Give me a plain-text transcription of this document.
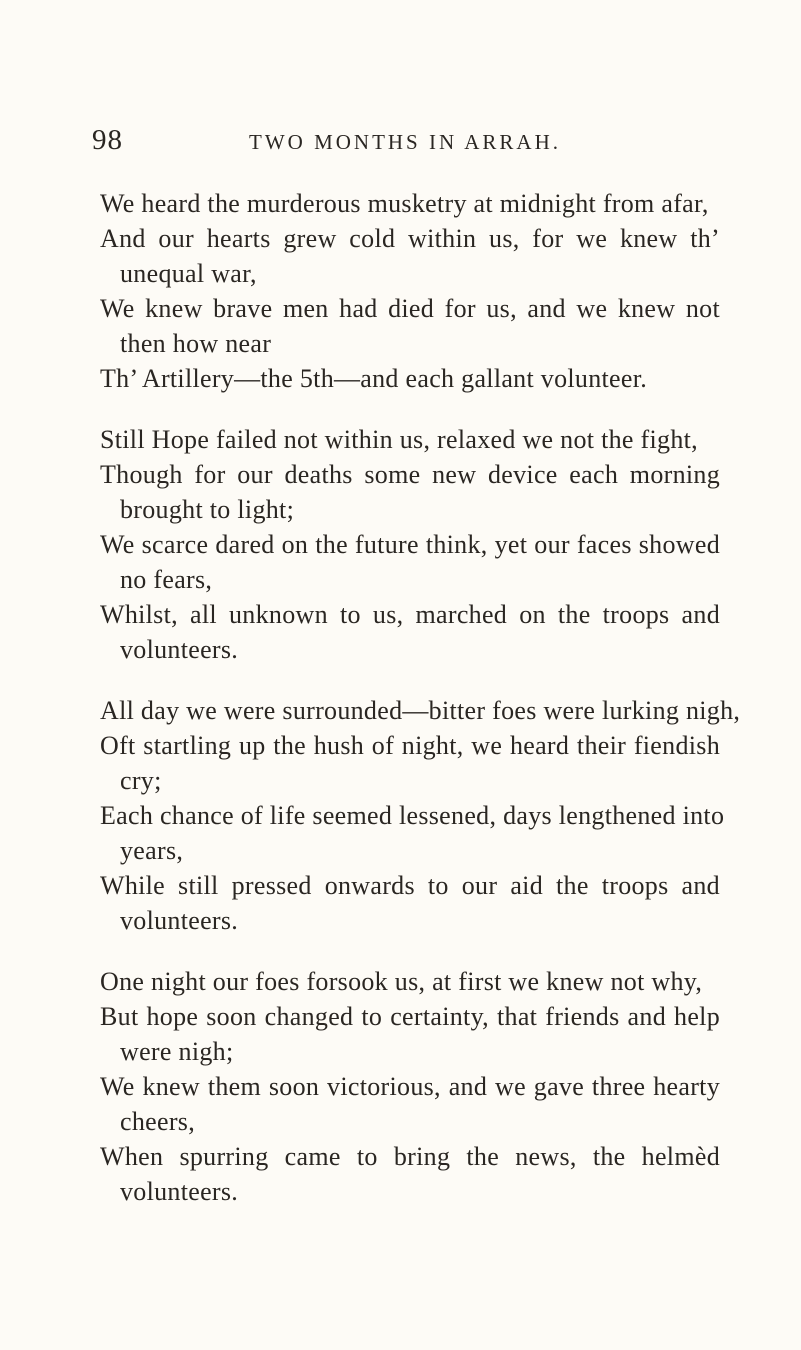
98	TWO MONTHS IN ARRAH.
We heard the murderous musketry at midnight from afar,
And our hearts grew cold within us, for we knew th’
unequal war,
We knew brave men had died for us, and we knew not
then how near
Th’ Artillery—the 5th—and each gallant volunteer.
Still Hope failed not within us, relaxed we not the fight,
Though for our deaths some new device each morning
brought to light;
We scarce dared on the future think, yet our faces showed
no fears,
Whilst, all unknown to us, marched on the troops and
volunteers.
All day we were surrounded—bitter foes were lurking nigh,
Oft startling up the hush of night, we heard their fiendish
cry;
Each chance of life seemed lessened, days lengthened into
years,
While still pressed onwards to our aid the troops and
volunteers.
One night our foes forsook us, at first we knew not why,
But hope soon changed to certainty, that friends and help
were nigh;
We knew them soon victorious, and we gave three hearty
cheers,
When spurring came to bring the news, the helmèd
volunteers.
